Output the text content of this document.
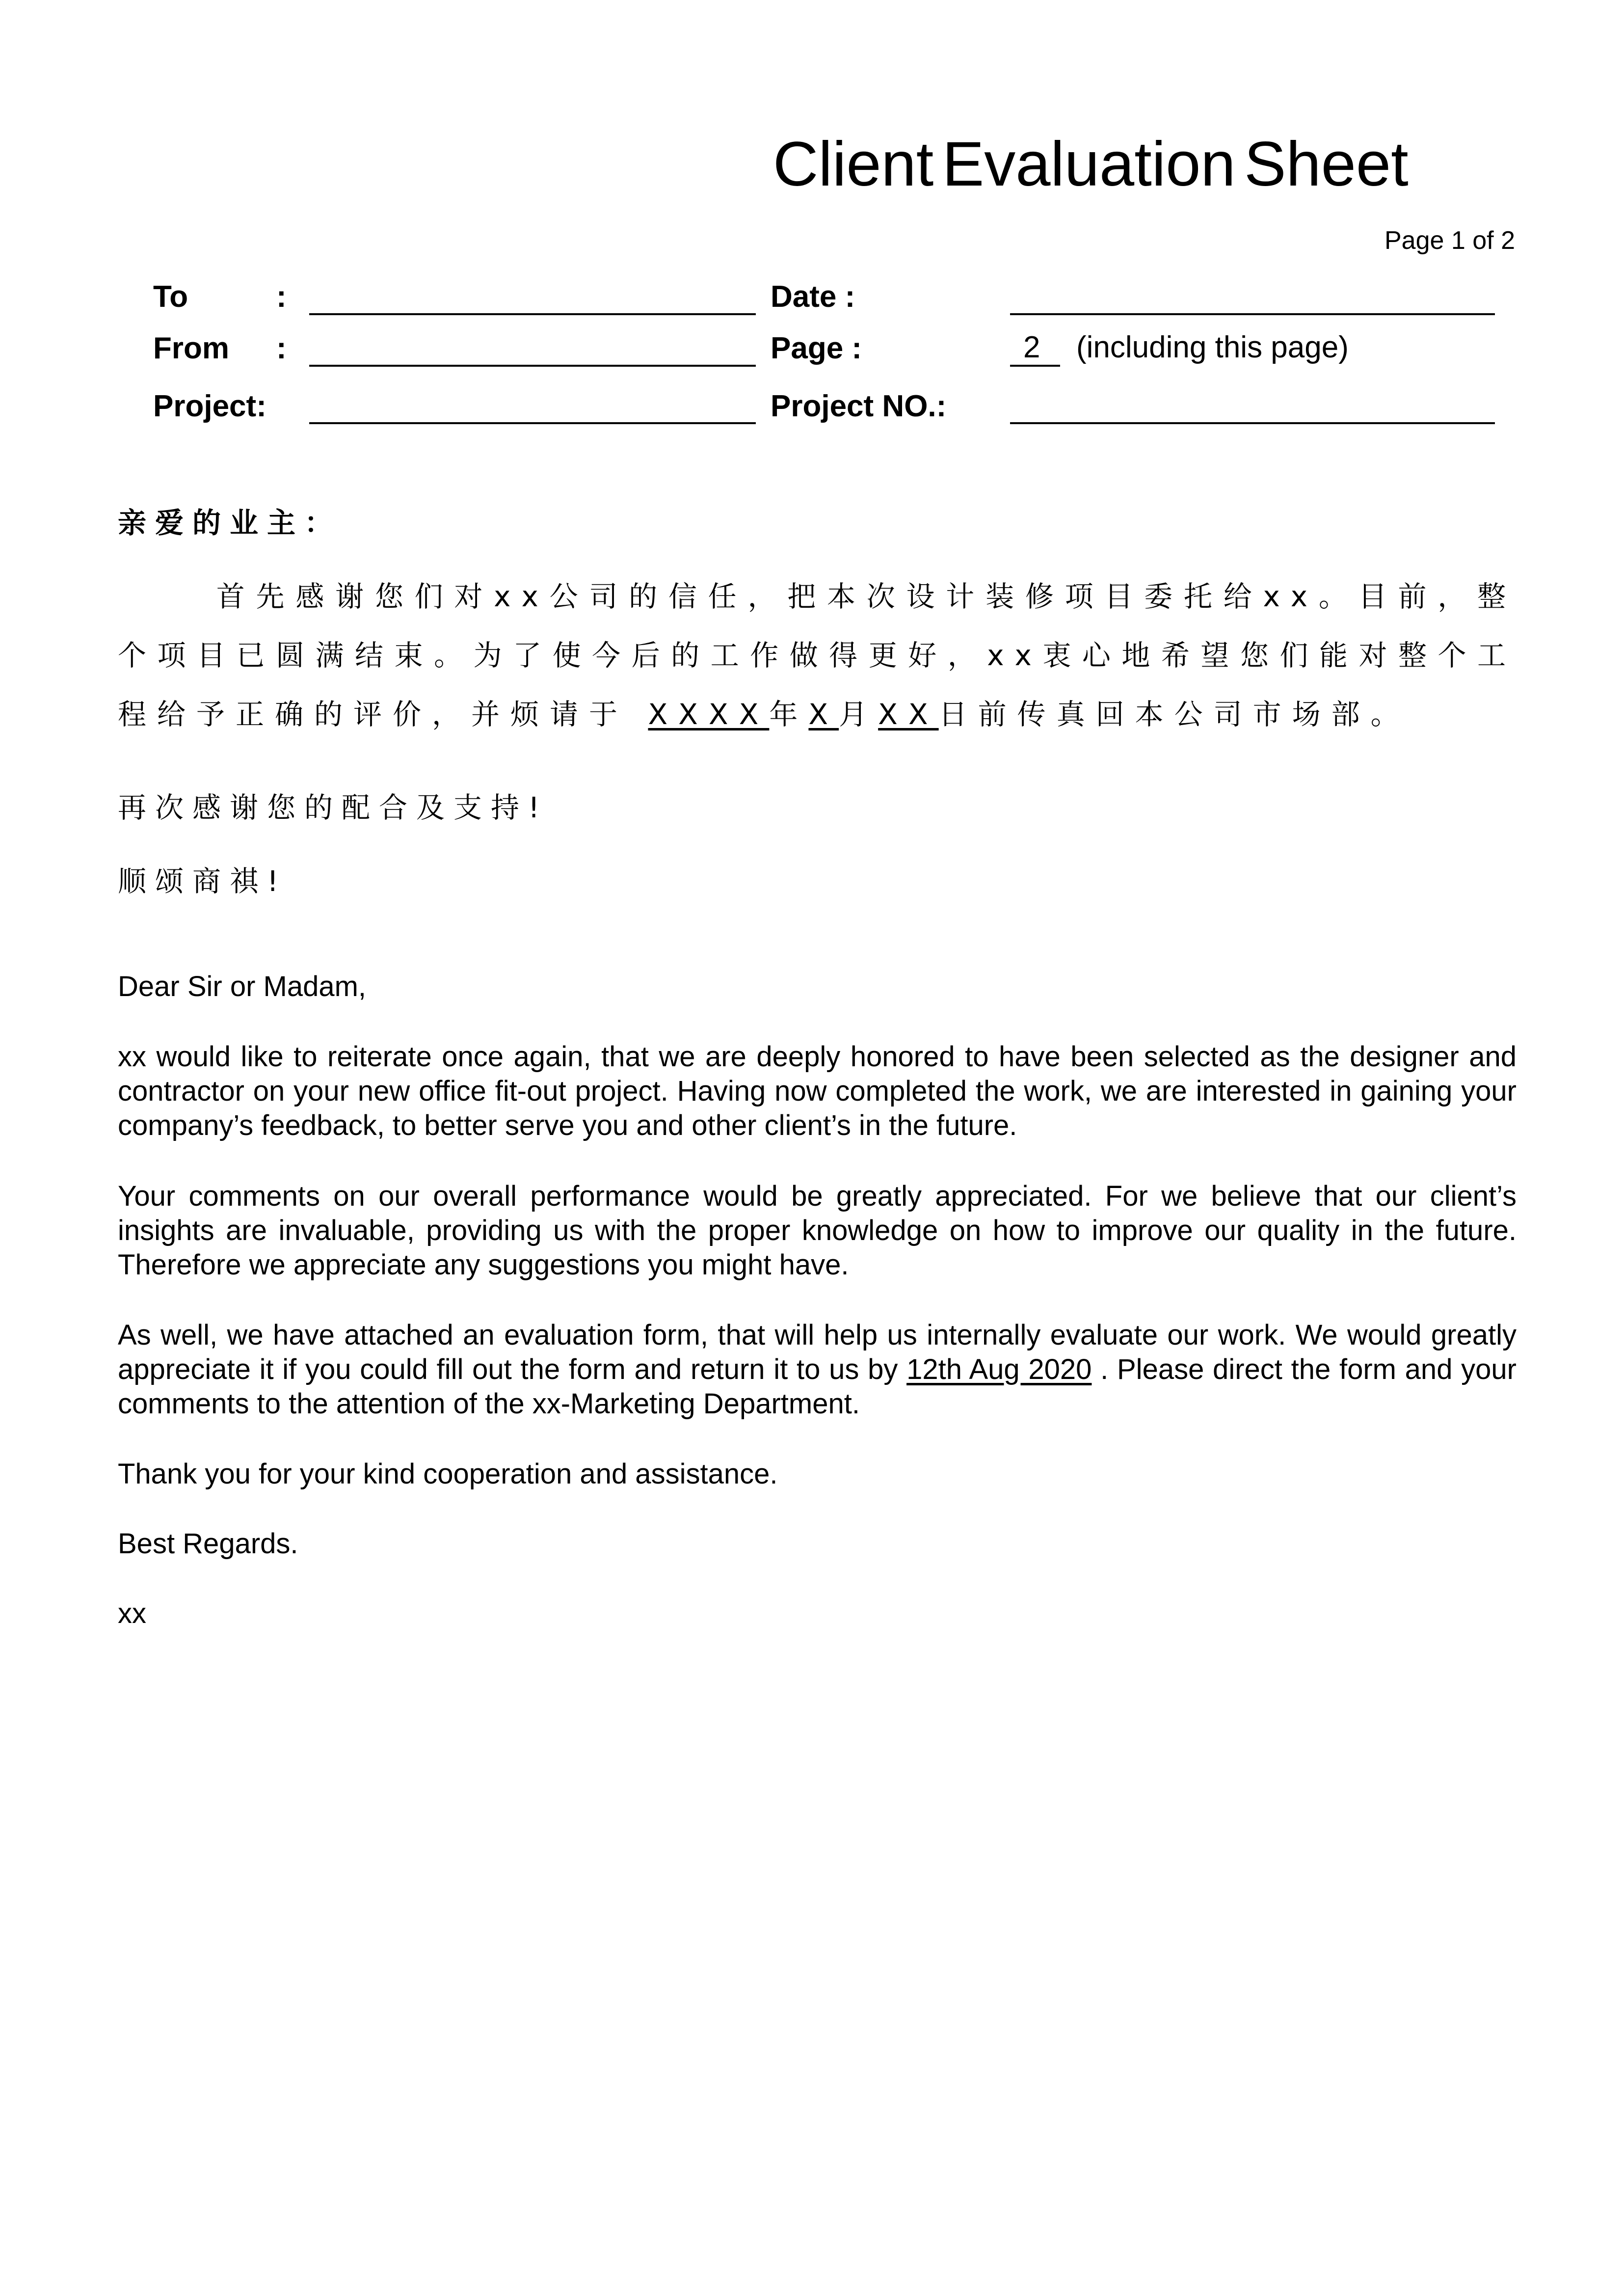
Client Evaluation Sheet
Page 1 of 2
To	:
From :
Project:
Date :
Page :	2 (including this page)
Project NO.:
亲爱的业主：
首先感谢您们对xx公司的信任，把本次设计装修项目委托给xx。目前，整个项目已圆满结束。为了使今后的工作做得更好，xx衷心地希望您们能对整个工程给予正确的评价，并烦请于 XXXX年X月XX日前传真回本公司市场部。
再次感谢您的配合及支持!
顺颂商祺!
Dear Sir or Madam,
xx would like to reiterate once again, that we are deeply honored to have been selected as the designer and contractor on your new office fit-out project. Having now completed the work, we are interested in gaining your company’s feedback, to better serve you and other client’s in the future.
Your comments on our overall performance would be greatly appreciated. For we believe that our client’s insights are invaluable, providing us with the proper knowledge on how to improve our quality in the future. Therefore we appreciate any suggestions you might have.
As well, we have attached an evaluation form, that will help us internally evaluate our work. We would greatly appreciate it if you could fill out the form and return it to us by 12th Aug 2020 . Please direct the form and your comments to the attention of the xx-Marketing Department.
Thank you for your kind cooperation and assistance.
Best Regards.
xx
